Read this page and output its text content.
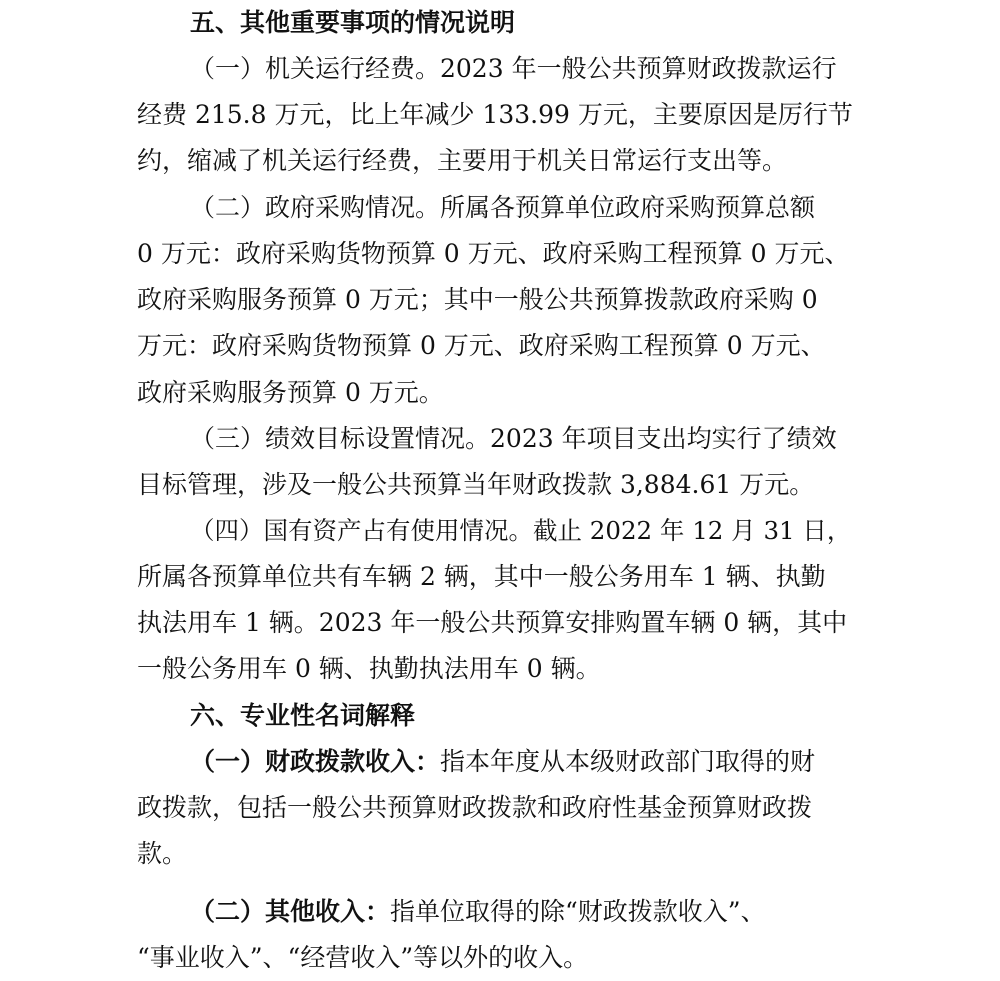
五、其他重要事项的情况说明
（一）机关运行经费。2023 年一般公共预算财政拨款运行
经费 215.8 万元，比上年减少 133.99 万元，主要原因是厉行节
约，缩减了机关运行经费，主要用于机关日常运行支出等。
（二）政府采购情况。所属各预算单位政府采购预算总额
0 万元：政府采购货物预算 0 万元、政府采购工程预算 0 万元、
政府采购服务预算 0 万元；其中一般公共预算拨款政府采购 0
万元：政府采购货物预算 0 万元、政府采购工程预算 0 万元、
政府采购服务预算 0 万元。
（三）绩效目标设置情况。2023 年项目支出均实行了绩效
目标管理，涉及一般公共预算当年财政拨款 3,884.61 万元。
（四）国有资产占有使用情况。截止 2022 年 12 月 31 日，
所属各预算单位共有车辆 2 辆，其中一般公务用车 1 辆、执勤
执法用车 1 辆。2023 年一般公共预算安排购置车辆 0 辆，其中
一般公务用车 0 辆、执勤执法用车 0 辆。
六、专业性名词解释
（一）财政拨款收入：指本年度从本级财政部门取得的财
政拨款，包括一般公共预算财政拨款和政府性基金预算财政拨
款。
（二）其他收入：指单位取得的除“财政拨款收入”、
“事业收入”、“经营收入”等以外的收入。
